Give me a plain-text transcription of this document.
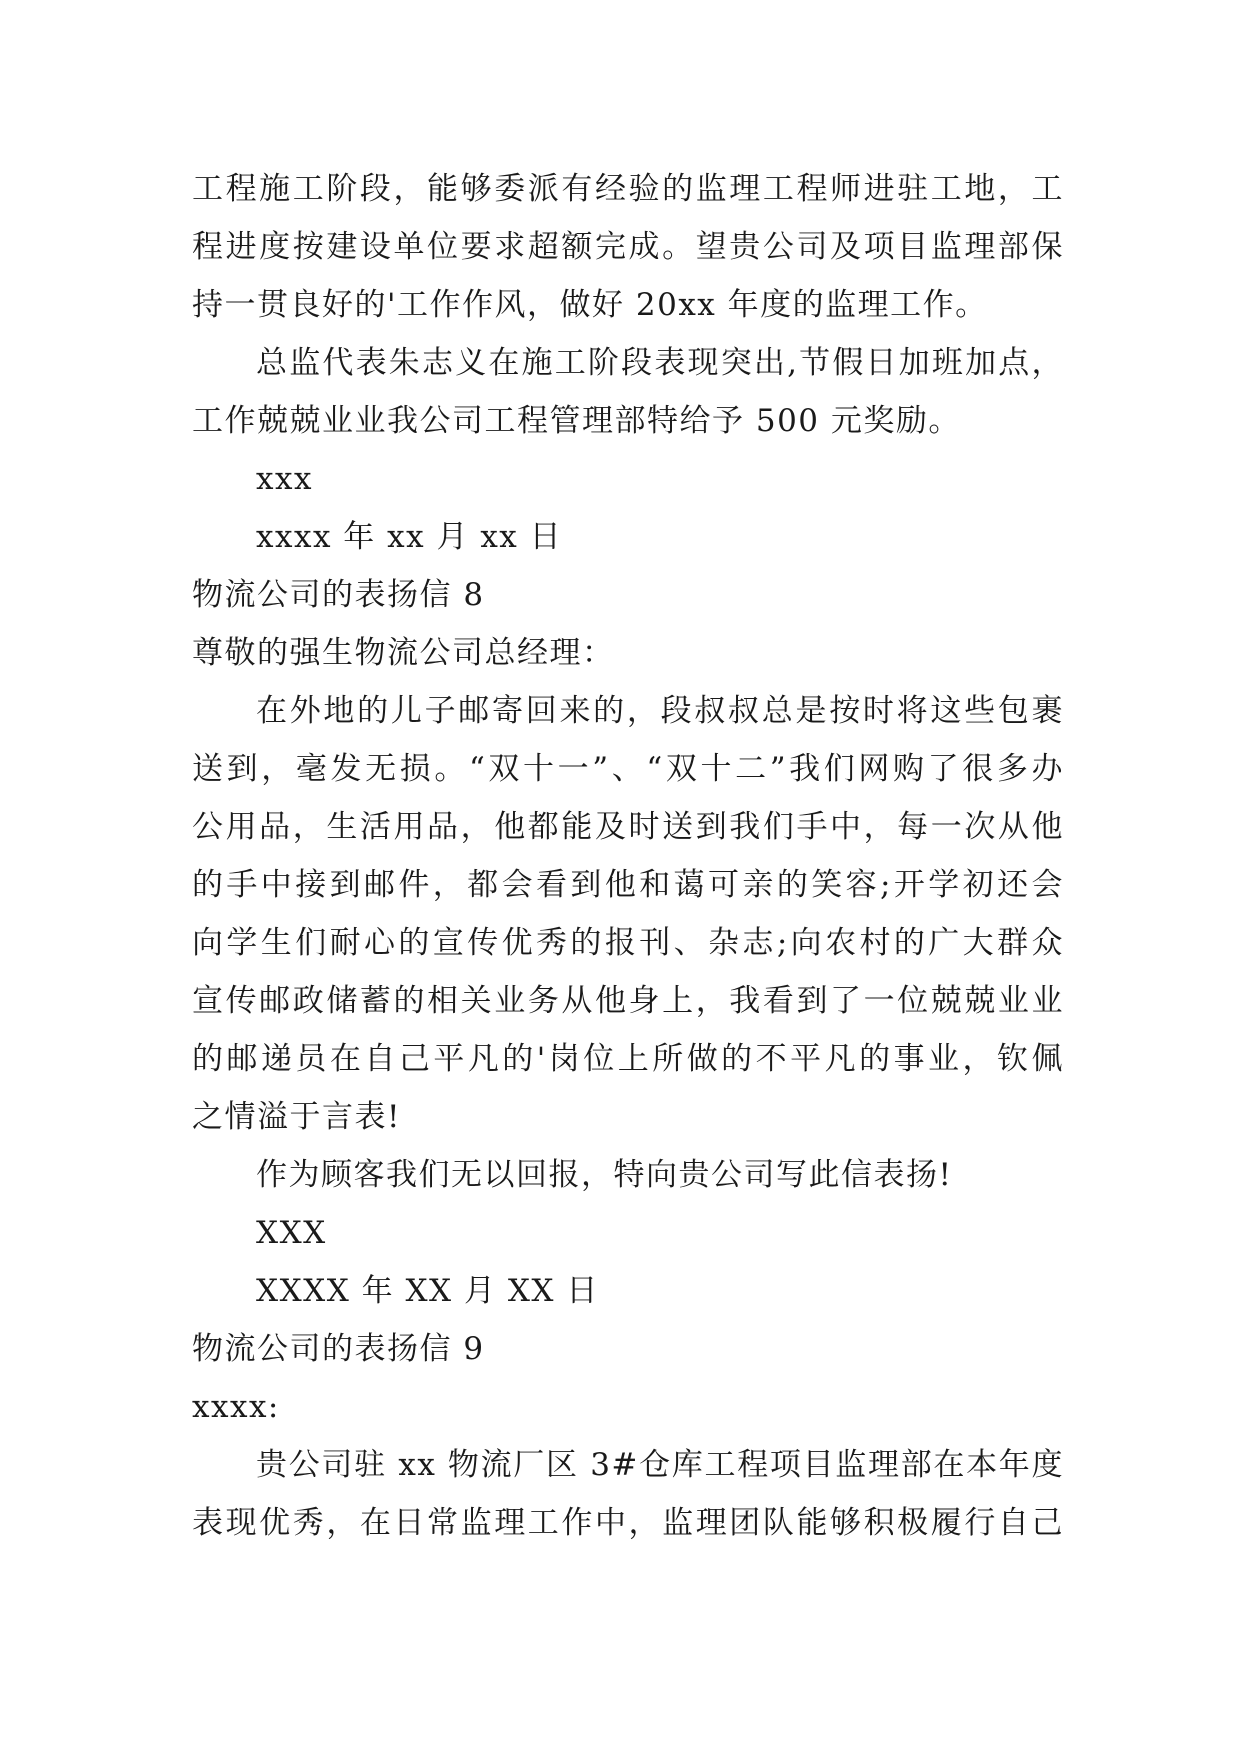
工程施工阶段，能够委派有经验的监理工程师进驻工地，工
程进度按建设单位要求超额完成。望贵公司及项目监理部保
持一贯良好的'工作作风，做好 20xx 年度的监理工作。
总监代表朱志义在施工阶段表现突出,节假日加班加点，
工作兢兢业业我公司工程管理部特给予 500 元奖励。
xxx
xxxx 年 xx 月 xx 日
物流公司的表扬信 8
尊敬的强生物流公司总经理：
在外地的儿子邮寄回来的，段叔叔总是按时将这些包裹
送到，毫发无损。“双十一”、“双十二”我们网购了很多办
公用品，生活用品，他都能及时送到我们手中，每一次从他
的手中接到邮件，都会看到他和蔼可亲的笑容;开学初还会
向学生们耐心的宣传优秀的报刊、杂志;向农村的广大群众
宣传邮政储蓄的相关业务从他身上，我看到了一位兢兢业业
的邮递员在自己平凡的'岗位上所做的不平凡的事业，钦佩
之情溢于言表!
作为顾客我们无以回报，特向贵公司写此信表扬!
XXX
XXXX 年 XX 月 XX 日
物流公司的表扬信 9
xxxx:
贵公司驻 xx 物流厂区 3#仓库工程项目监理部在本年度
表现优秀，在日常监理工作中，监理团队能够积极履行自己
